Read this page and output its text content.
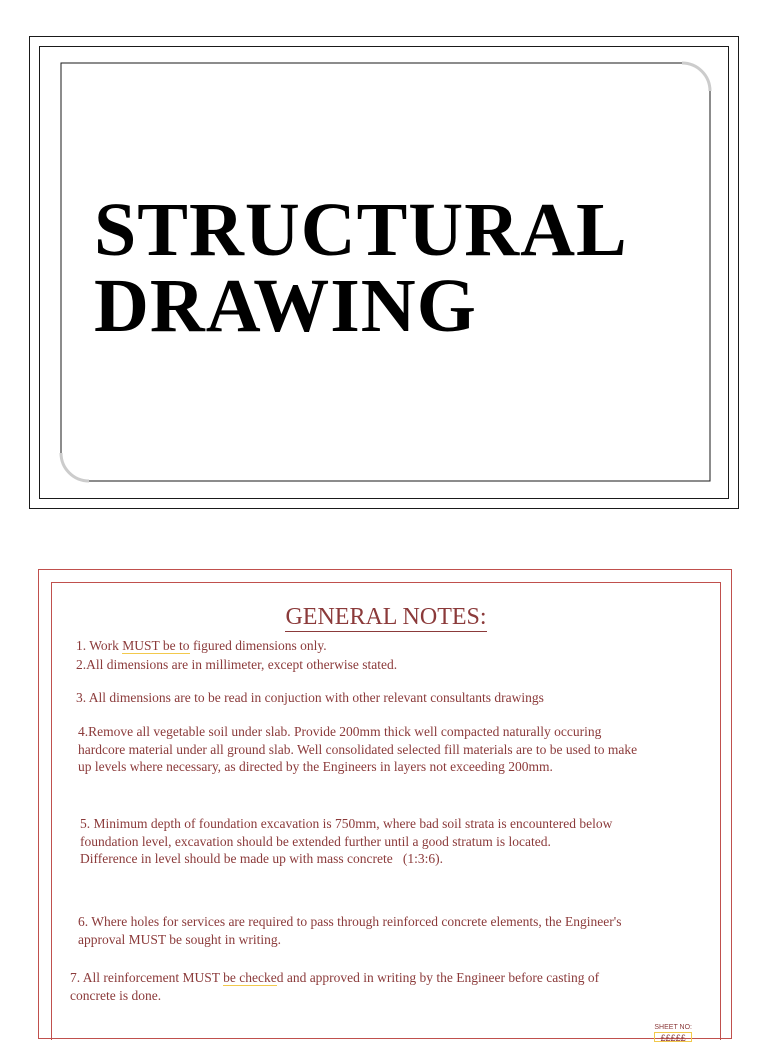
STRUCTURAL
DRAWING
GENERAL NOTES:
1. Work MUST be to figured dimensions only.
2.All dimensions are in millimeter, except otherwise stated.
3. All dimensions are to be read in conjuction with other relevant consultants drawings
4.Remove all vegetable soil under slab. Provide 200mm thick well compacted naturally occuring
hardcore material under all ground slab. Well consolidated selected fill materials are to be used to make
up levels where necessary, as directed by the Engineers in layers not exceeding 200mm.
5. Minimum depth of foundation excavation is 750mm, where bad soil strata is encountered below
foundation level, excavation should be extended further until a good stratum is located.
Difference in level should be made up with mass concrete   (1:3:6).
6. Where holes for services are required to pass through reinforced concrete elements, the Engineer's
approval MUST be sought in writing.
7. All reinforcement MUST be checked and approved in writing by the Engineer before casting of
concrete is done.
SHEET NO:
£££££
